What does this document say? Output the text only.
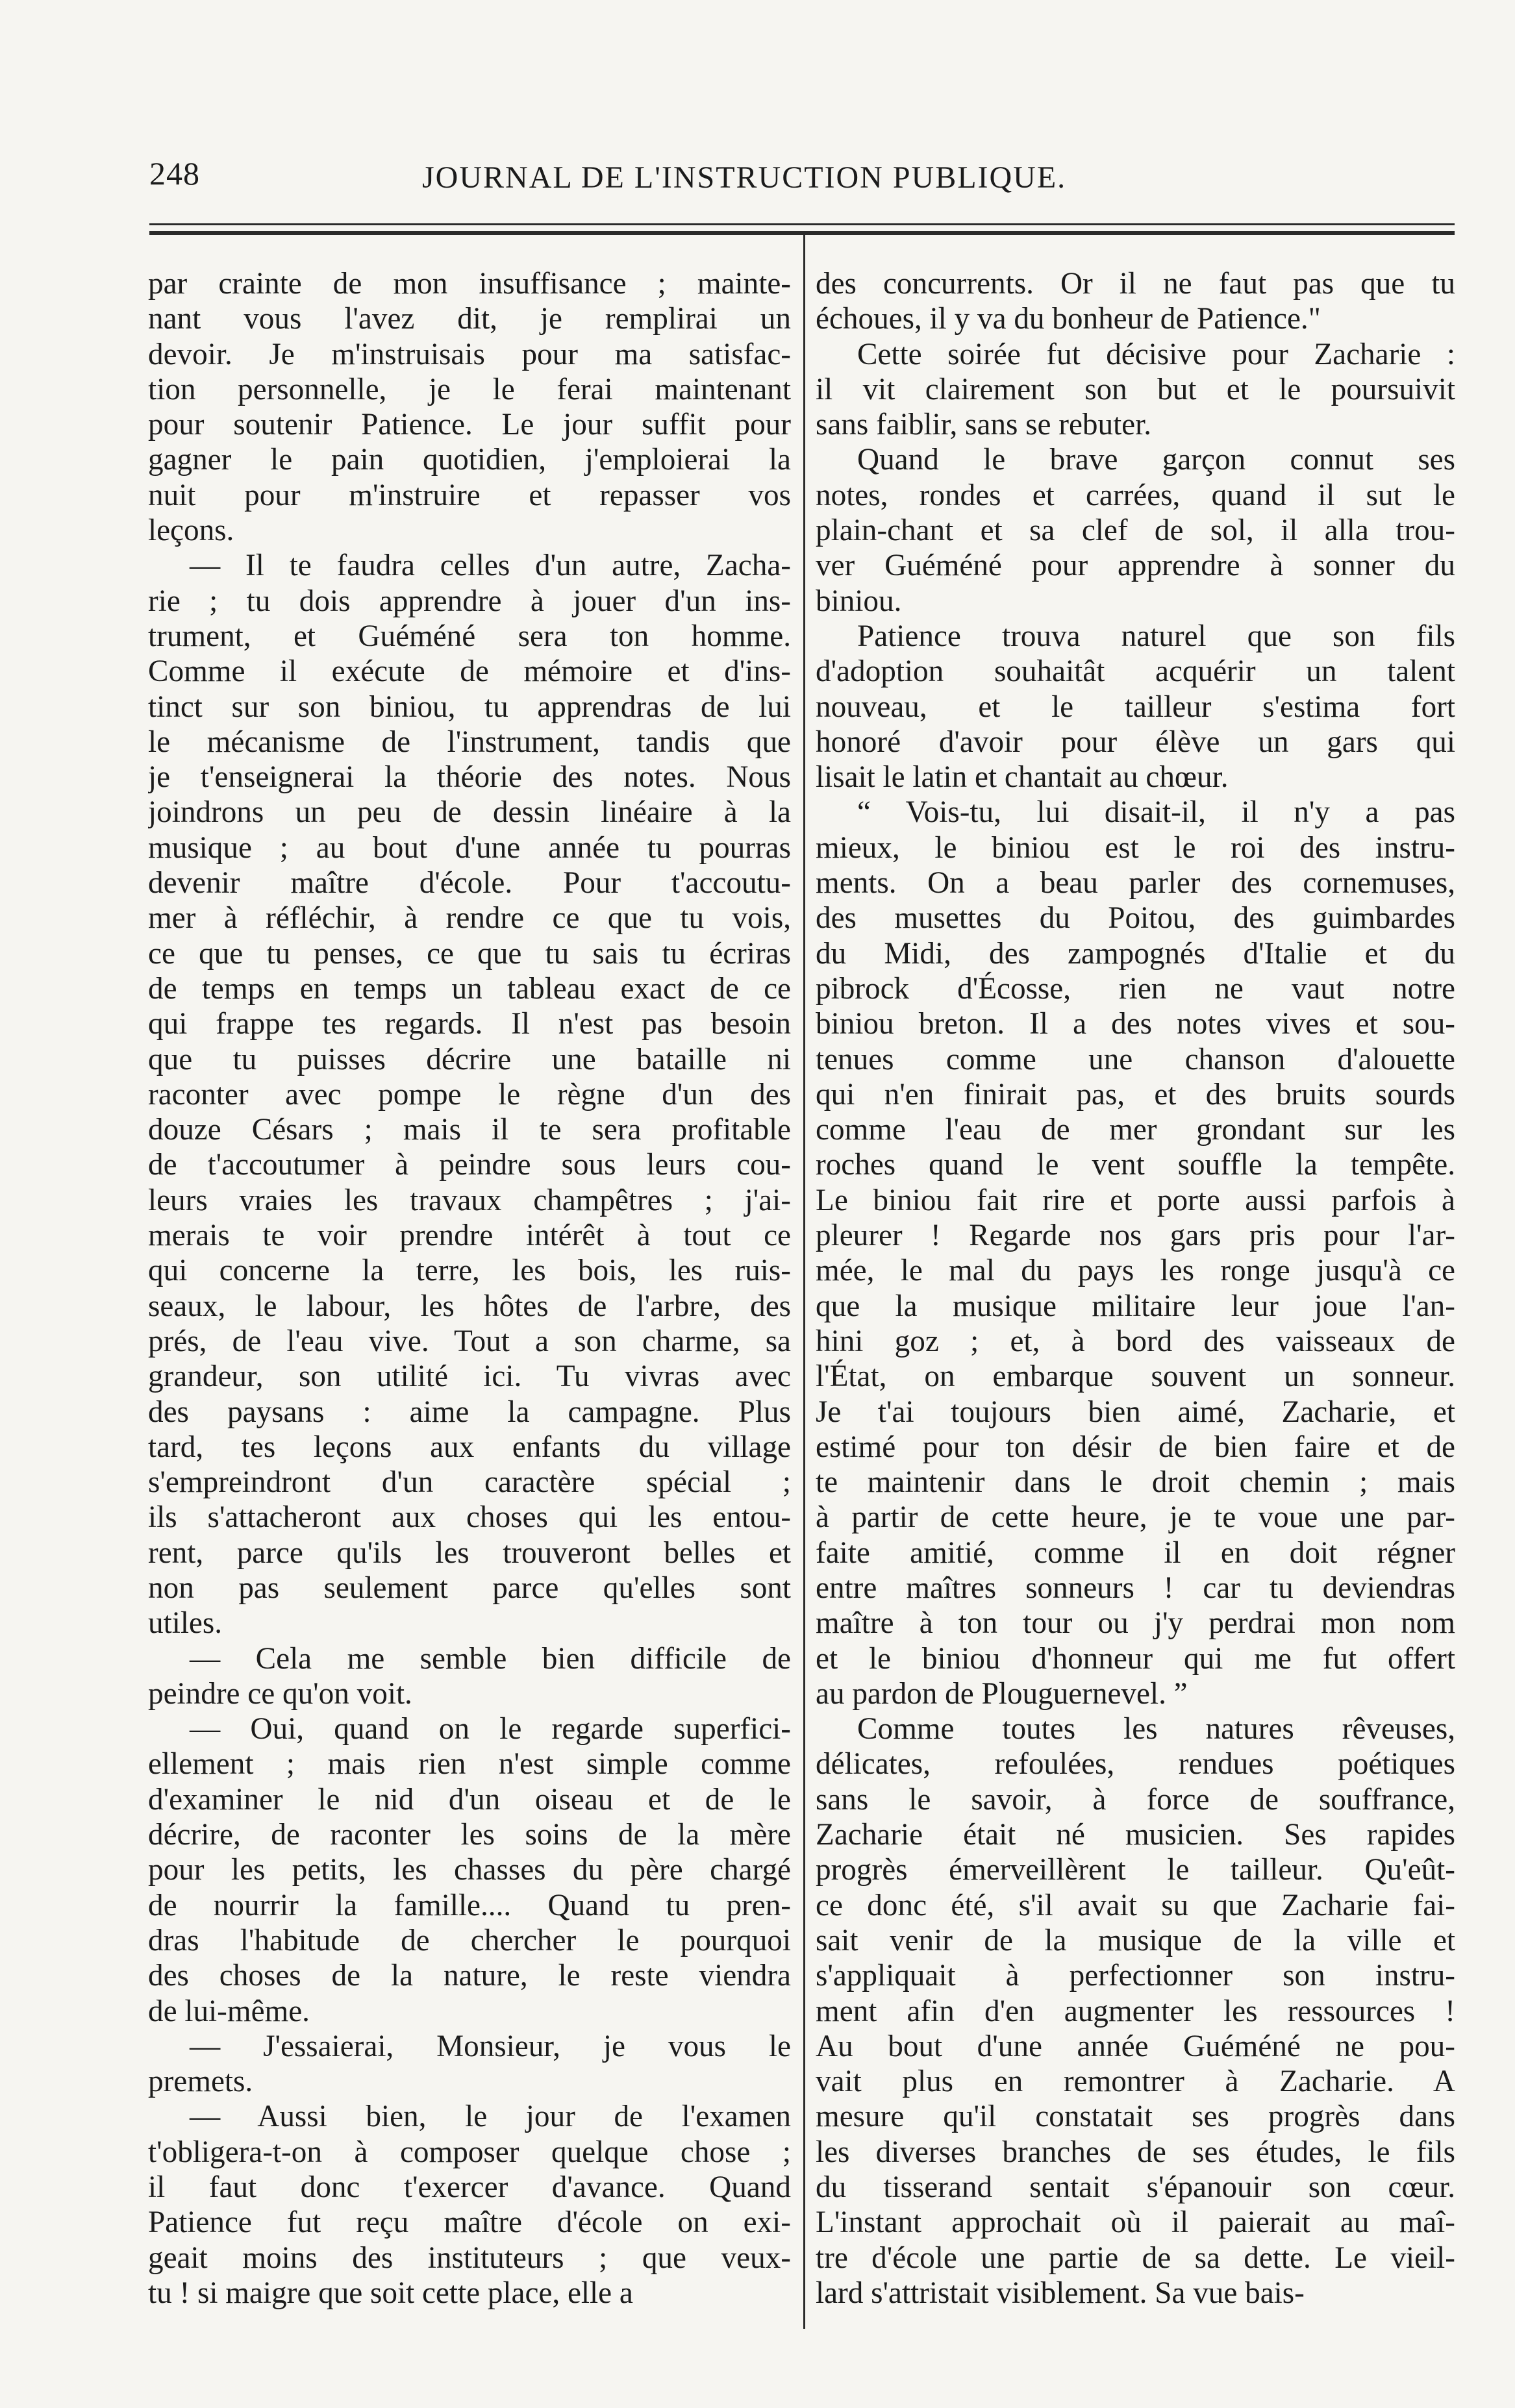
248	JOURNAL DE L'INSTRUCTION PUBLIQUE.

par crainte de mon insuffisance ; mainte-
nant vous l'avez dit, je remplirai un
devoir. Je m'instruisais pour ma satisfac-
tion personnelle, je le ferai maintenant
pour soutenir Patience. Le jour suffit pour
gagner le pain quotidien, j'emploierai la
nuit pour m'instruire et repasser vos
leçons.

— Il te faudra celles d'un autre, Zacha-
rie ; tu dois apprendre à jouer d'un ins-
trument, et Guéméné sera ton homme.
Comme il exécute de mémoire et d'ins-
tinct sur son biniou, tu apprendras de lui
le mécanisme de l'instrument, tandis que
je t'enseignerai la théorie des notes. Nous
joindrons un peu de dessin linéaire à la
musique ; au bout d'une année tu pourras
devenir maître d'école. Pour t'accoutu-
mer à réfléchir, à rendre ce que tu vois,
ce que tu penses, ce que tu sais tu écriras
de temps en temps un tableau exact de ce
qui frappe tes regards. Il n'est pas besoin
que tu puisses décrire une bataille ni
raconter avec pompe le règne d'un des
douze Césars ; mais il te sera profitable
de t'accoutumer à peindre sous leurs cou-
leurs vraies les travaux champêtres ; j'ai-
merais te voir prendre intérêt à tout ce
qui concerne la terre, les bois, les ruis-
seaux, le labour, les hôtes de l'arbre, des
prés, de l'eau vive. Tout a son charme, sa
grandeur, son utilité ici. Tu vivras avec
des paysans : aime la campagne. Plus
tard, tes leçons aux enfants du village
s'empreindront d'un caractère spécial ;
ils s'attacheront aux choses qui les entou-
rent, parce qu'ils les trouveront belles et
non pas seulement parce qu'elles sont
utiles.

— Cela me semble bien difficile de
peindre ce qu'on voit.

— Oui, quand on le regarde superfici-
ellement ; mais rien n'est simple comme
d'examiner le nid d'un oiseau et de le
décrire, de raconter les soins de la mère
pour les petits, les chasses du père chargé
de nourrir la famille.... Quand tu pren-
dras l'habitude de chercher le pourquoi
des choses de la nature, le reste viendra
de lui-même.

— J'essaierai, Monsieur, je vous le
premets.

— Aussi bien, le jour de l'examen
t'obligera-t-on à composer quelque chose ;
il faut donc t'exercer d'avance. Quand
Patience fut reçu maître d'école on exi-
geait moins des instituteurs ; que veux-
tu ! si maigre que soit cette place, elle a

des concurrents. Or il ne faut pas que tu
échoues, il y va du bonheur de Patience."

Cette soirée fut décisive pour Zacharie :
il vit clairement son but et le poursuivit
sans faiblir, sans se rebuter.

Quand le brave garçon connut ses
notes, rondes et carrées, quand il sut le
plain-chant et sa clef de sol, il alla trou-
ver Guéméné pour apprendre à sonner du
biniou.

Patience trouva naturel que son fils
d'adoption souhaitât acquérir un talent
nouveau, et le tailleur s'estima fort
honoré d'avoir pour élève un gars qui
lisait le latin et chantait au chœur.

“ Vois-tu, lui disait-il, il n'y a pas
mieux, le biniou est le roi des instru-
ments. On a beau parler des cornemuses,
des musettes du Poitou, des guimbardes
du Midi, des zampognés d'Italie et du
pibrock d'Écosse, rien ne vaut notre
biniou breton. Il a des notes vives et sou-
tenues comme une chanson d'alouette
qui n'en finirait pas, et des bruits sourds
comme l'eau de mer grondant sur les
roches quand le vent souffle la tempête.
Le biniou fait rire et porte aussi parfois à
pleurer ! Regarde nos gars pris pour l'ar-
mée, le mal du pays les ronge jusqu'à ce
que la musique militaire leur joue l'an-
hini goz ; et, à bord des vaisseaux de
l'État, on embarque souvent un sonneur.
Je t'ai toujours bien aimé, Zacharie, et
estimé pour ton désir de bien faire et de
te maintenir dans le droit chemin ; mais
à partir de cette heure, je te voue une par-
faite amitié, comme il en doit régner
entre maîtres sonneurs ! car tu deviendras
maître à ton tour ou j'y perdrai mon nom
et le biniou d'honneur qui me fut offert
au pardon de Plouguernevel. ”

Comme toutes les natures rêveuses,
délicates, refoulées, rendues poétiques
sans le savoir, à force de souffrance,
Zacharie était né musicien. Ses rapides
progrès émerveillèrent le tailleur. Qu'eût-
ce donc été, s'il avait su que Zacharie fai-
sait venir de la musique de la ville et
s'appliquait à perfectionner son instru-
ment afin d'en augmenter les ressources !
Au bout d'une année Guéméné ne pou-
vait plus en remontrer à Zacharie. A
mesure qu'il constatait ses progrès dans
les diverses branches de ses études, le fils
du tisserand sentait s'épanouir son cœur.
L'instant approchait où il paierait au maî-
tre d'école une partie de sa dette. Le vieil-
lard s'attristait visiblement. Sa vue bais-
